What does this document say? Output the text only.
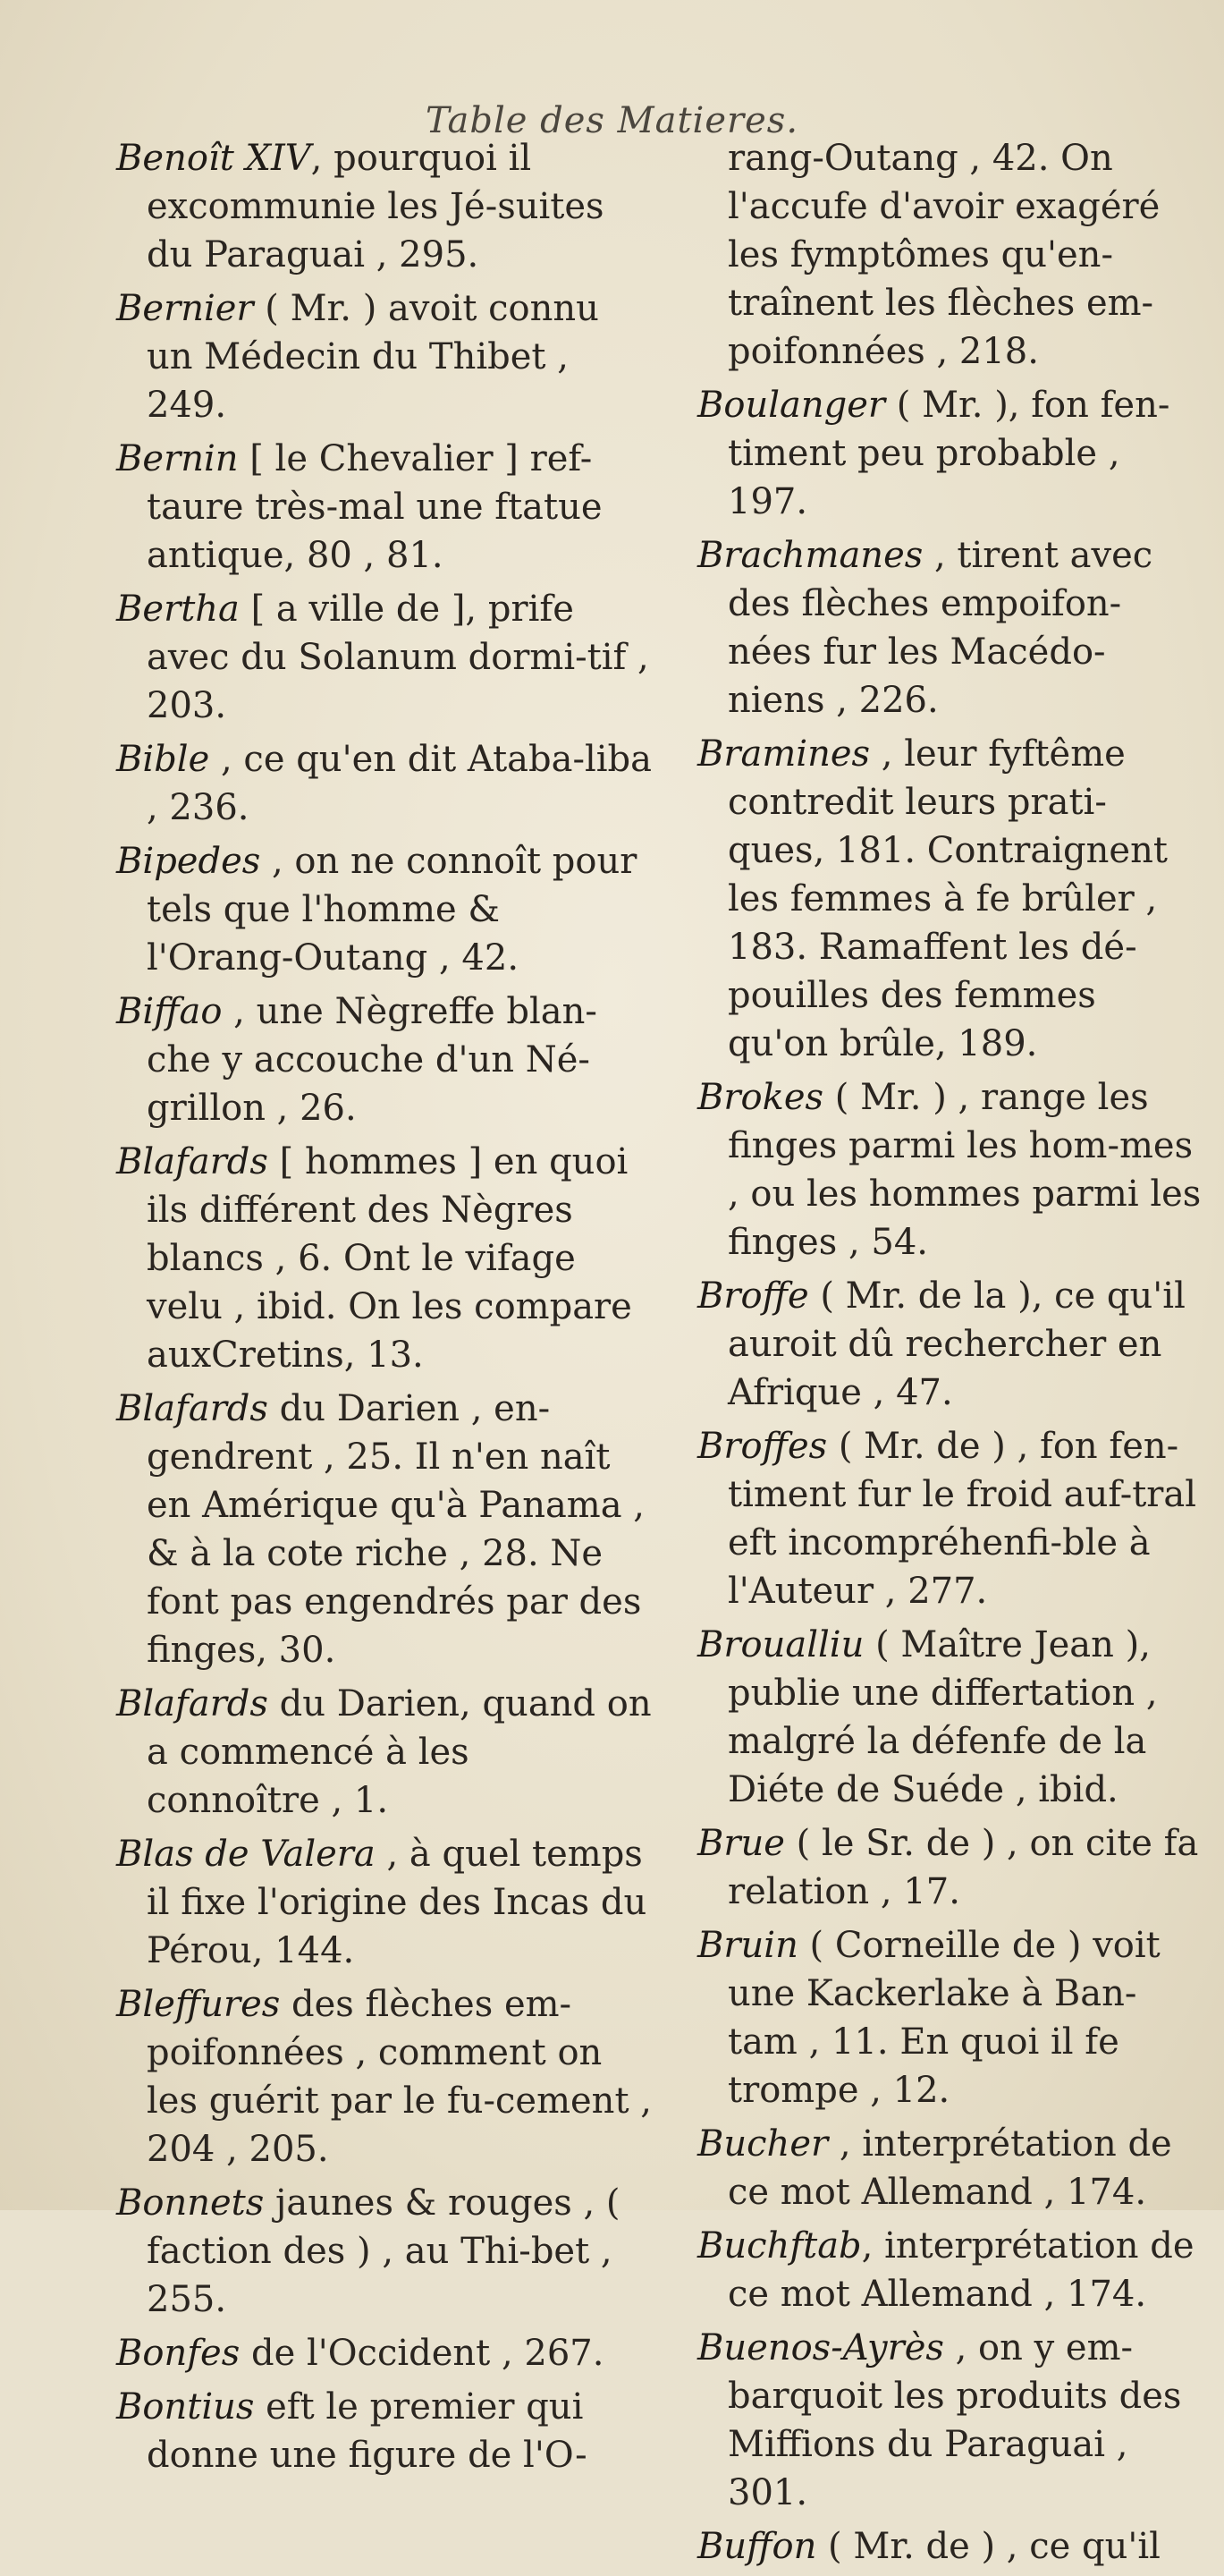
Table des Matieres.

Benoît XIV, pourquoi il excommunie les Jé-suites du Paraguai , 295.

Bernier ( Mr. ) avoit connu un Médecin du Thibet , 249.

Bernin [ le Chevalier ] ref-taure très-mal une ftatue antique, 80 , 81.

Bertha [ a ville de ], prife avec du Solanum dormi-tif , 203.

Bible , ce qu'en dit Ataba-liba , 236.

Bipedes , on ne connoît pour tels que l'homme & l'Orang-Outang , 42.

Biffao , une Nègreffe blan-che y accouche d'un Né-grillon , 26.

Blafards [ hommes ] en quoi ils différent des Nègres blancs , 6. Ont le vifage velu , ibid. On les compare auxCretins, 13.

Blafards du Darien , en-gendrent , 25. Il n'en naît en Amérique qu'à Panama , & à la cote riche , 28. Ne font pas engendrés par des finges, 30.

Blafards du Darien, quand on a commencé à les connoître , 1.

Blas de Valera , à quel temps il fixe l'origine des Incas du Pérou, 144.

Bleffures des flèches em-poifonnées , comment on les guérit par le fu-cement , 204 , 205.

Bonnets jaunes & rouges , ( faction des ) , au Thi-bet , 255.

Bonfes de l'Occident , 267.

Bontius eft le premier qui donne une figure de l'O-

rang-Outang , 42. On l'accufe d'avoir exagéré les fymptômes qu'en-traînent les flèches em-poifonnées , 218.

Boulanger ( Mr. ), fon fen-timent peu probable , 197.

Brachmanes , tirent avec des flèches empoifon-nées fur les Macédo-niens , 226.

Bramines , leur fyftême contredit leurs prati-ques, 181. Contraignent les femmes à fe brûler , 183. Ramaffent les dé-pouilles des femmes qu'on brûle, 189.

Brokes ( Mr. ) , range les finges parmi les hom-mes , ou les hommes parmi les finges , 54.

Broffe ( Mr. de la ), ce qu'il auroit dû rechercher en Afrique , 47.

Broffes ( Mr. de ) , fon fen-timent fur le froid auf-tral eft incompréhenfi-ble à l'Auteur , 277.

Broualliu ( Maître Jean ), publie une differtation , malgré la défenfe de la Diéte de Suéde , ibid.

Brue ( le Sr. de ) , on cite fa relation , 17.

Bruin ( Corneille de ) voit une Kackerlake à Ban-tam , 11. En quoi il fe trompe , 12.

Bucher , interprétation de ce mot Allemand , 174.

Buchftab, interprétation de ce mot Allemand , 174.

Buenos-Ayrès , on y em-barquoit les produits des Miffions du Paraguai , 301.

Buffon ( Mr. de ) , ce qu'il
